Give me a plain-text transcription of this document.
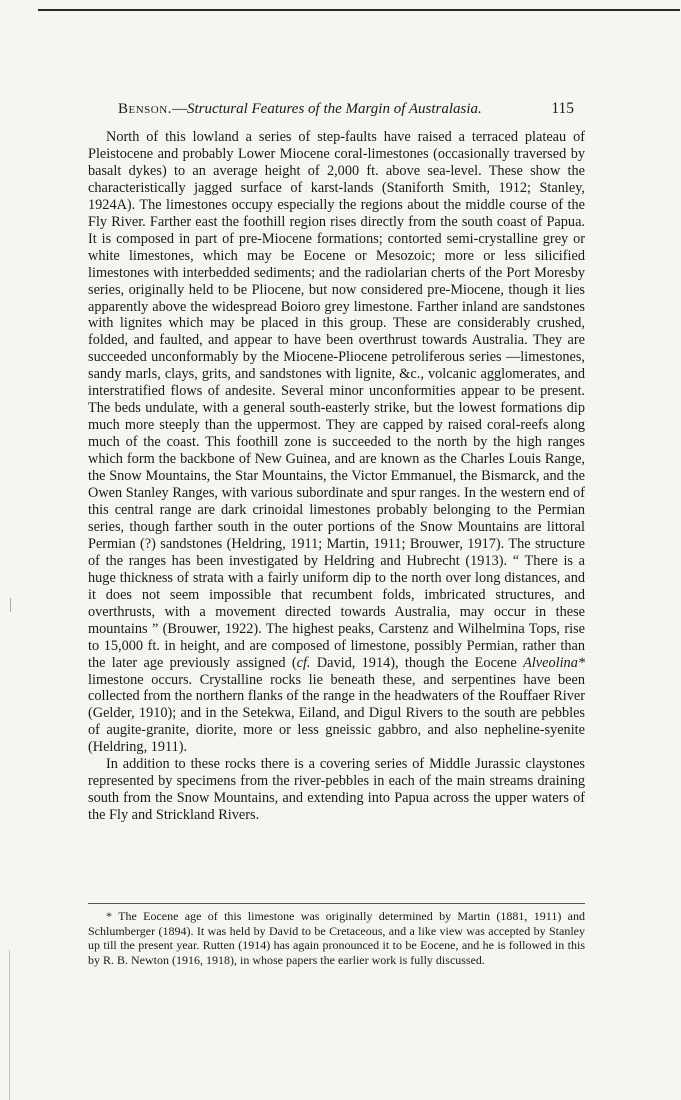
Benson.—Structural Features of the Margin of Australasia.	115

North of this lowland a series of step-faults have raised a terraced plateau of Pleistocene and probably Lower Miocene coral-limestones (occasionally traversed by basalt dykes) to an average height of 2,000 ft. above sea-level. These show the characteristically jagged surface of karst-lands (Staniforth Smith, 1912; Stanley, 1924A). The limestones occupy especially the regions about the middle course of the Fly River. Farther east the foothill region rises directly from the south coast of Papua. It is composed in part of pre-Miocene formations; contorted semi-crystalline grey or white limestones, which may be Eocene or Mesozoic; more or less silicified limestones with interbedded sediments; and the radiolarian cherts of the Port Moresby series, originally held to be Pliocene, but now considered pre-Miocene, though it lies apparently above the widespread Boioro grey limestone. Farther inland are sandstones with lignites which may be placed in this group. These are considerably crushed, folded, and faulted, and appear to have been overthrust towards Australia. They are succeeded unconformably by the Miocene-Pliocene petroliferous series —limestones, sandy marls, clays, grits, and sandstones with lignite, &c., volcanic agglomerates, and interstratified flows of andesite. Several minor unconformities appear to be present. The beds undulate, with a general south-easterly strike, but the lowest formations dip much more steeply than the uppermost. They are capped by raised coral-reefs along much of the coast. This foothill zone is succeeded to the north by the high ranges which form the backbone of New Guinea, and are known as the Charles Louis Range, the Snow Mountains, the Star Mountains, the Victor Emmanuel, the Bismarck, and the Owen Stanley Ranges, with various subordinate and spur ranges. In the western end of this central range are dark crinoidal limestones probably belonging to the Permian series, though farther south in the outer portions of the Snow Mountains are littoral Permian (?) sandstones (Heldring, 1911; Martin, 1911; Brouwer, 1917). The structure of the ranges has been investigated by Heldring and Hubrecht (1913). “ There is a huge thickness of strata with a fairly uniform dip to the north over long distances, and it does not seem impossible that recumbent folds, imbricated structures, and overthrusts, with a movement directed towards Australia, may occur in these mountains ” (Brouwer, 1922). The highest peaks, Carstenz and Wilhelmina Tops, rise to 15,000 ft. in height, and are composed of limestone, possibly Permian, rather than the later age previously assigned (cf. David, 1914), though the Eocene Alveolina* limestone occurs. Crystalline rocks lie beneath these, and serpentines have been collected from the northern flanks of the range in the headwaters of the Rouffaer River (Gelder, 1910); and in the Setekwa, Eiland, and Digul Rivers to the south are pebbles of augite-granite, diorite, more or less gneissic gabbro, and also nepheline-syenite (Heldring, 1911).

In addition to these rocks there is a covering series of Middle Jurassic claystones represented by specimens from the river-pebbles in each of the main streams draining south from the Snow Mountains, and extending into Papua across the upper waters of the Fly and Strickland Rivers.

* The Eocene age of this limestone was originally determined by Martin (1881, 1911) and Schlumberger (1894). It was held by David to be Cretaceous, and a like view was accepted by Stanley up till the present year. Rutten (1914) has again pronounced it to be Eocene, and he is followed in this by R. B. Newton (1916, 1918), in whose papers the earlier work is fully discussed.
